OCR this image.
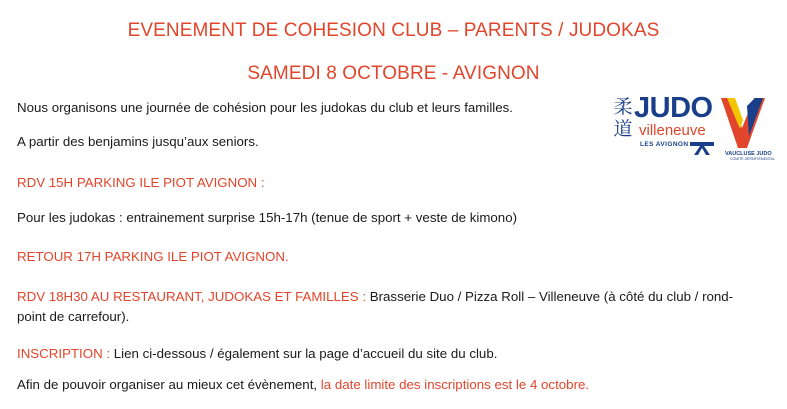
EVENEMENT DE COHESION CLUB – PARENTS / JUDOKAS
SAMEDI 8 OCTOBRE - AVIGNON
柔道
JUDO
villeneuve
LES AVIGNON
VAUCLUSE JUDO
COMITÉ DÉPARTEMENTAL
Nous organisons une journée de cohésion pour les judokas du club et leurs familles.
A partir des benjamins jusqu’aux seniors.
RDV 15H PARKING ILE PIOT AVIGNON :
Pour les judokas : entrainement surprise 15h-17h (tenue de sport + veste de kimono)
RETOUR 17H PARKING ILE PIOT AVIGNON.
RDV 18H30 AU RESTAURANT, JUDOKAS ET FAMILLES : Brasserie Duo / Pizza Roll – Villeneuve (à côté du club / rond-
point de carrefour).
INSCRIPTION : Lien ci-dessous / également sur la page d’accueil du site du club.
Afin de pouvoir organiser au mieux cet évènement, la date limite des inscriptions est le 4 octobre.
